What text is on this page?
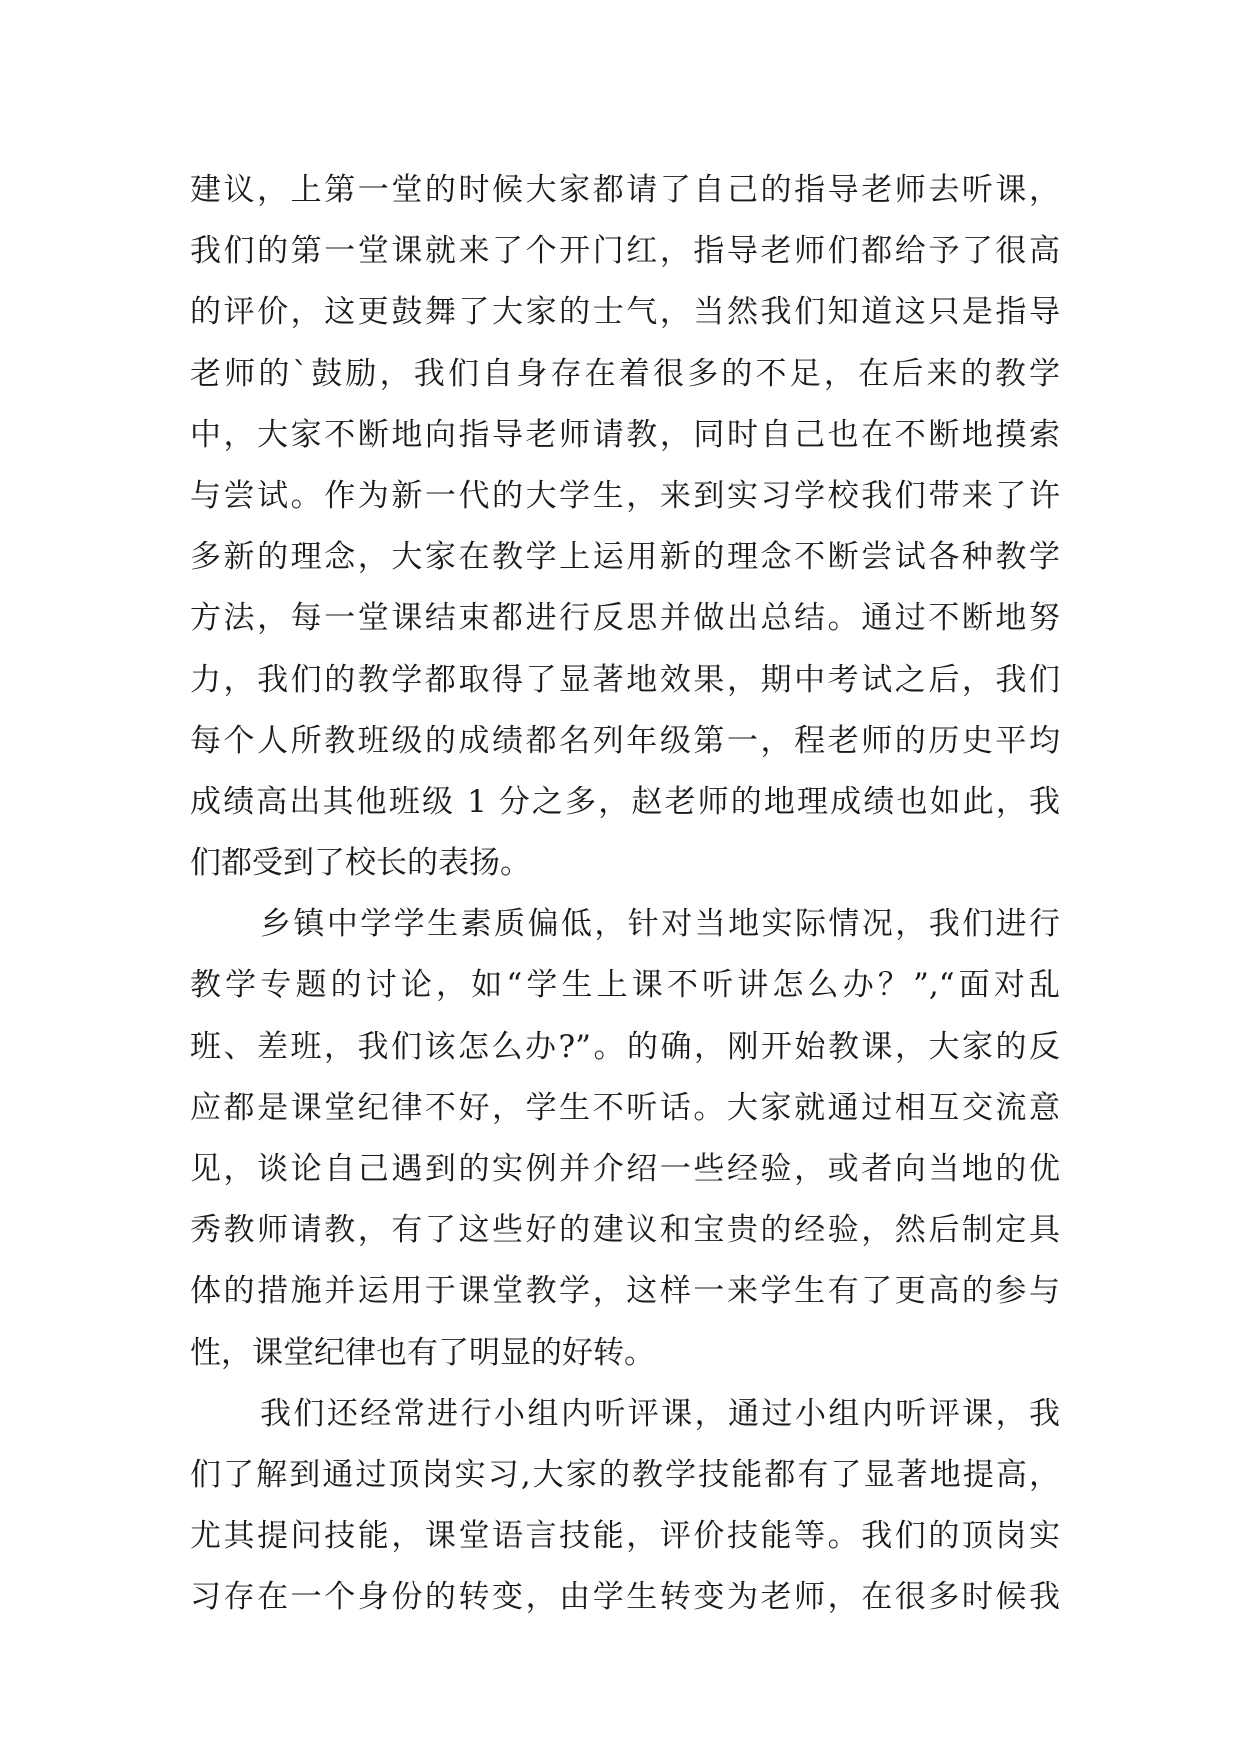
建议，上第一堂的时候大家都请了自己的指导老师去听课，
我们的第一堂课就来了个开门红，指导老师们都给予了很高
的评价，这更鼓舞了大家的士气，当然我们知道这只是指导
老师的`鼓励，我们自身存在着很多的不足，在后来的教学
中，大家不断地向指导老师请教，同时自己也在不断地摸索
与尝试。作为新一代的大学生，来到实习学校我们带来了许
多新的理念，大家在教学上运用新的理念不断尝试各种教学
方法，每一堂课结束都进行反思并做出总结。通过不断地努
力，我们的教学都取得了显著地效果，期中考试之后，我们
每个人所教班级的成绩都名列年级第一，程老师的历史平均
成绩高出其他班级 1 分之多，赵老师的地理成绩也如此，我
们都受到了校长的表扬。
乡镇中学学生素质偏低，针对当地实际情况，我们进行
教学专题的讨论，如“学生上课不听讲怎么办？”,“面对乱
班、差班，我们该怎么办?”。的确，刚开始教课，大家的反
应都是课堂纪律不好，学生不听话。大家就通过相互交流意
见，谈论自己遇到的实例并介绍一些经验，或者向当地的优
秀教师请教，有了这些好的建议和宝贵的经验，然后制定具
体的措施并运用于课堂教学，这样一来学生有了更高的参与
性，课堂纪律也有了明显的好转。
我们还经常进行小组内听评课，通过小组内听评课，我
们了解到通过顶岗实习,大家的教学技能都有了显著地提高，
尤其提问技能，课堂语言技能，评价技能等。我们的顶岗实
习存在一个身份的转变，由学生转变为老师，在很多时候我
